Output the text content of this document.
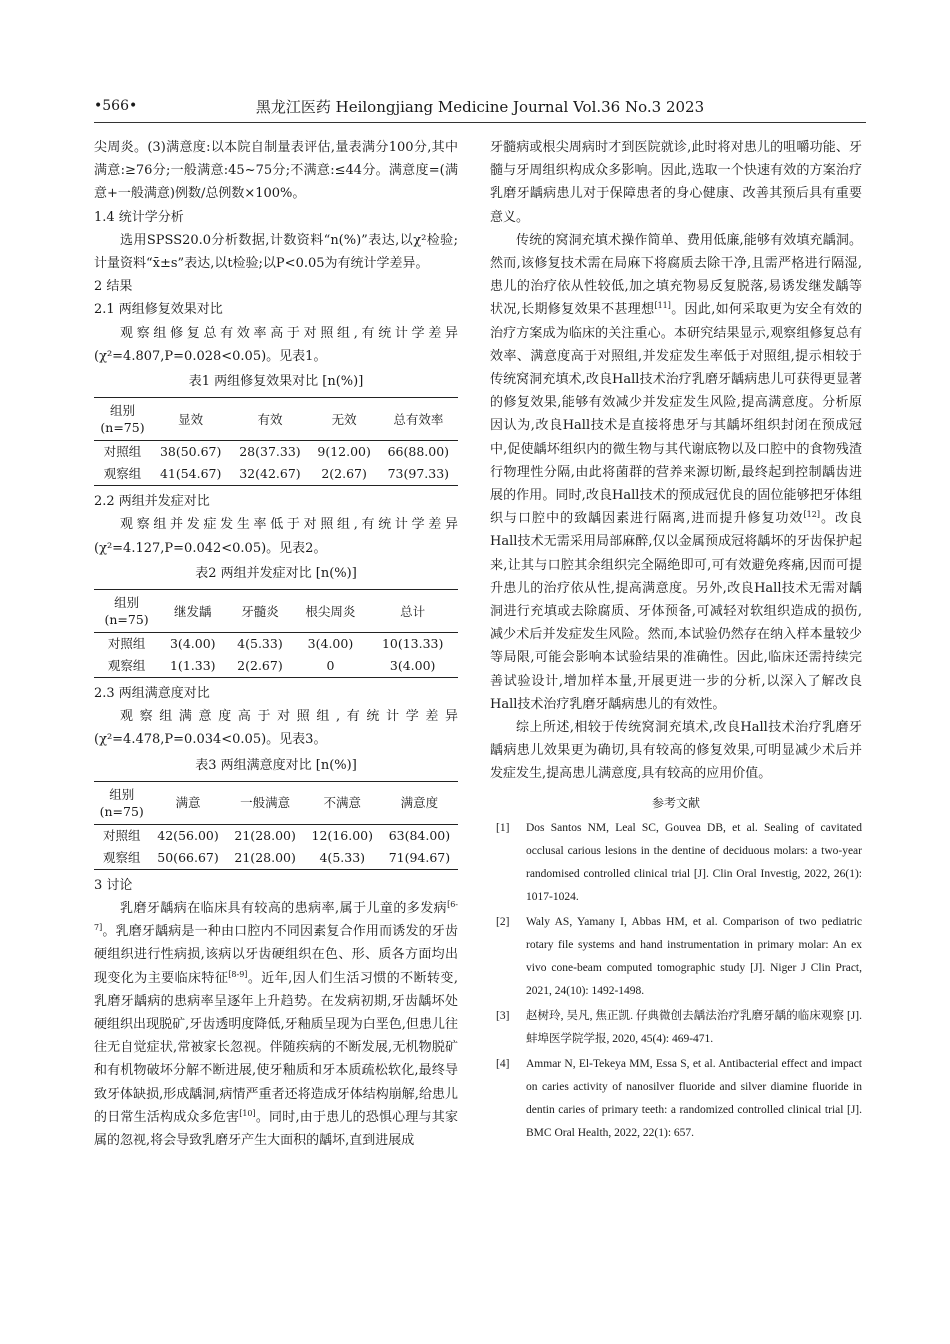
•566•	黑龙江医药 Heilongjiang Medicine Journal Vol.36 No.3 2023

尖周炎。(3)满意度:以本院自制量表评估,量表满分100分,其中满意:≥76分;一般满意:45~75分;不满意:≤44分。满意度=(满意+一般满意)例数/总例数×100%。

1.4 统计学分析

选用SPSS20.0分析数据,计数资料“n(%)”表达,以χ²检验;计量资料“x̄±s”表达,以t检验;以P<0.05为有统计学差异。

2 结果

2.1 两组修复效果对比

观察组修复总有效率高于对照组,有统计学差异(χ²=4.807,P=0.028<0.05)。见表1。

表1 两组修复效果对比 [n(%)]
组别
(n=75)	显效	有效	无效	总有效率
对照组	38(50.67)	28(37.33)	9(12.00)	66(88.00)
观察组	41(54.67)	32(42.67)	2(2.67)	73(97.33)

2.2 两组并发症对比

观察组并发症发生率低于对照组,有统计学差异(χ²=4.127,P=0.042<0.05)。见表2。

表2 两组并发症对比 [n(%)]
组别
(n=75)	继发龋	牙髓炎	根尖周炎	总计
对照组	3(4.00)	4(5.33)	3(4.00)	10(13.33)
观察组	1(1.33)	2(2.67)	0	3(4.00)

2.3 两组满意度对比

观察组满意度高于对照组,有统计学差异(χ²=4.478,P=0.034<0.05)。见表3。

表3 两组满意度对比 [n(%)]
组别
(n=75)	满意	一般满意	不满意	满意度
对照组	42(56.00)	21(28.00)	12(16.00)	63(84.00)
观察组	50(66.67)	21(28.00)	4(5.33)	71(94.67)

3 讨论

乳磨牙龋病在临床具有较高的患病率,属于儿童的多发病[6-7]。乳磨牙龋病是一种由口腔内不同因素复合作用而诱发的牙齿硬组织进行性病损,该病以牙齿硬组织在色、形、质各方面均出现变化为主要临床特征[8-9]。近年,因人们生活习惯的不断转变,乳磨牙龋病的患病率呈逐年上升趋势。在发病初期,牙齿龋坏处硬组织出现脱矿,牙齿透明度降低,牙釉质呈现为白垩色,但患儿往往无自觉症状,常被家长忽视。伴随疾病的不断发展,无机物脱矿和有机物破坏分解不断进展,使牙釉质和牙本质疏松软化,最终导致牙体缺损,形成龋洞,病情严重者还将造成牙体结构崩解,给患儿的日常生活构成众多危害[10]。同时,由于患儿的恐惧心理与其家属的忽视,将会导致乳磨牙产生大面积的龋坏,直到进展成

牙髓病或根尖周病时才到医院就诊,此时将对患儿的咀嚼功能、牙髓与牙周组织构成众多影响。因此,选取一个快速有效的方案治疗乳磨牙龋病患儿对于保障患者的身心健康、改善其预后具有重要意义。

传统的窝洞充填术操作简单、费用低廉,能够有效填充龋洞。然而,该修复技术需在局麻下将腐质去除干净,且需严格进行隔湿,患儿的治疗依从性较低,加之填充物易反复脱落,易诱发继发龋等状况,长期修复效果不甚理想[11]。因此,如何采取更为安全有效的治疗方案成为临床的关注重心。本研究结果显示,观察组修复总有效率、满意度高于对照组,并发症发生率低于对照组,提示相较于传统窝洞充填术,改良Hall技术治疗乳磨牙龋病患儿可获得更显著的修复效果,能够有效减少并发症发生风险,提高满意度。分析原因认为,改良Hall技术是直接将患牙与其龋坏组织封闭在预成冠中,促使龋坏组织内的微生物与其代谢底物以及口腔中的食物残渣行物理性分隔,由此将菌群的营养来源切断,最终起到控制龋齿进展的作用。同时,改良Hall技术的预成冠优良的固位能够把牙体组织与口腔中的致龋因素进行隔离,进而提升修复功效[12]。改良Hall技术无需采用局部麻醉,仅以金属预成冠将龋坏的牙齿保护起来,让其与口腔其余组织完全隔绝即可,可有效避免疼痛,因而可提升患儿的治疗依从性,提高满意度。另外,改良Hall技术无需对龋洞进行充填或去除腐质、牙体预备,可减轻对软组织造成的损伤,减少术后并发症发生风险。然而,本试验仍然存在纳入样本量较少等局限,可能会影响本试验结果的准确性。因此,临床还需持续完善试验设计,增加样本量,开展更进一步的分析,以深入了解改良Hall技术治疗乳磨牙龋病患儿的有效性。

综上所述,相较于传统窝洞充填术,改良Hall技术治疗乳磨牙龋病患儿效果更为确切,具有较高的修复效果,可明显减少术后并发症发生,提高患儿满意度,具有较高的应用价值。

参考文献
[1] Dos Santos NM, Leal SC, Gouvea DB, et al. Sealing of cavitated occlusal carious lesions in the dentine of deciduous molars: a two-year randomised controlled clinical trial [J]. Clin Oral Investig, 2022, 26(1): 1017-1024.
[2] Waly AS, Yamany I, Abbas HM, et al. Comparison of two pediatric rotary file systems and hand instrumentation in primary molar: An ex vivo cone-beam computed tomographic study [J]. Niger J Clin Pract, 2021, 24(10): 1492-1498.
[3] 赵树玲, 吴凡, 焦正凯. 仔典微创去龋法治疗乳磨牙龋的临床观察 [J]. 蚌埠医学院学报, 2020, 45(4): 469-471.
[4] Ammar N, El-Tekeya MM, Essa S, et al. Antibacterial effect and impact on caries activity of nanosilver fluoride and silver diamine fluoride in dentin caries of primary teeth: a randomized controlled clinical trial [J]. BMC Oral Health, 2022, 22(1): 657.
